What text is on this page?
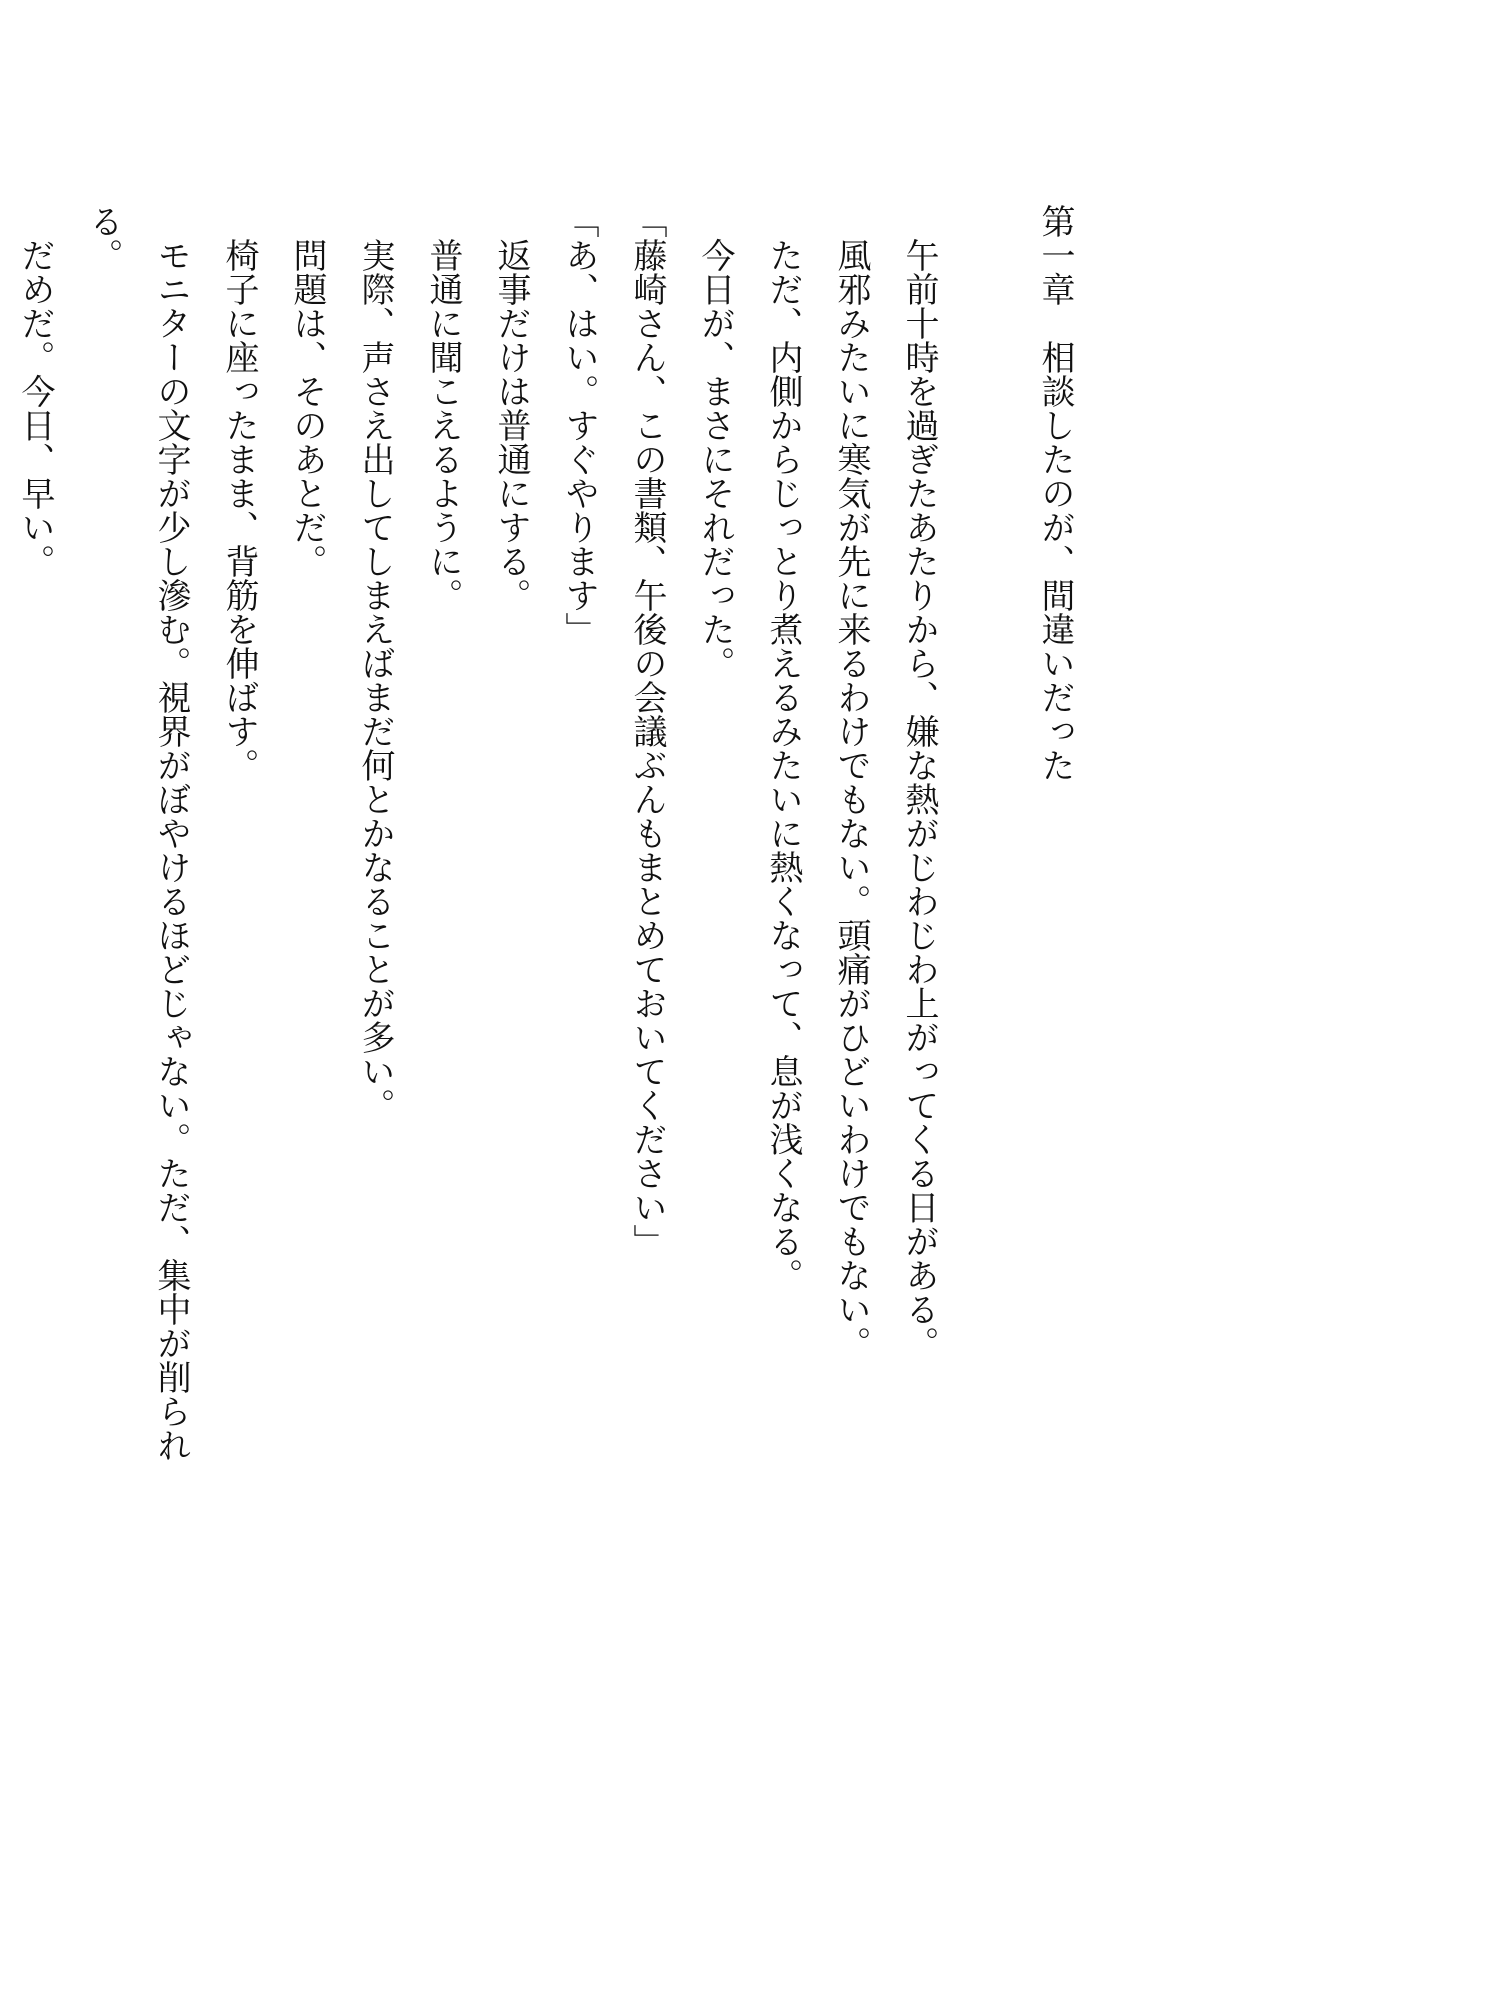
第一章　相談したのが、間違いだった

午前十時を過ぎたあたりから、嫌な熱がじわじわ上がってくる日がある。

風邪みたいに寒気が先に来るわけでもない。頭痛がひどいわけでもない。

ただ、内側からじっとり煮えるみたいに熱くなって、息が浅くなる。

今日が、まさにそれだった。

「藤崎さん、この書類、午後の会議ぶんもまとめておいてください」

「あ、はい。すぐやります」

返事だけは普通にする。

普通に聞こえるように。

実際、声さえ出してしまえばまだ何とかなることが多い。

問題は、そのあとだ。

椅子に座ったまま、背筋を伸ばす。

モニターの文字が少し滲む。視界がぼやけるほどじゃない。ただ、集中が削られる。

だめだ。今日、早い。
